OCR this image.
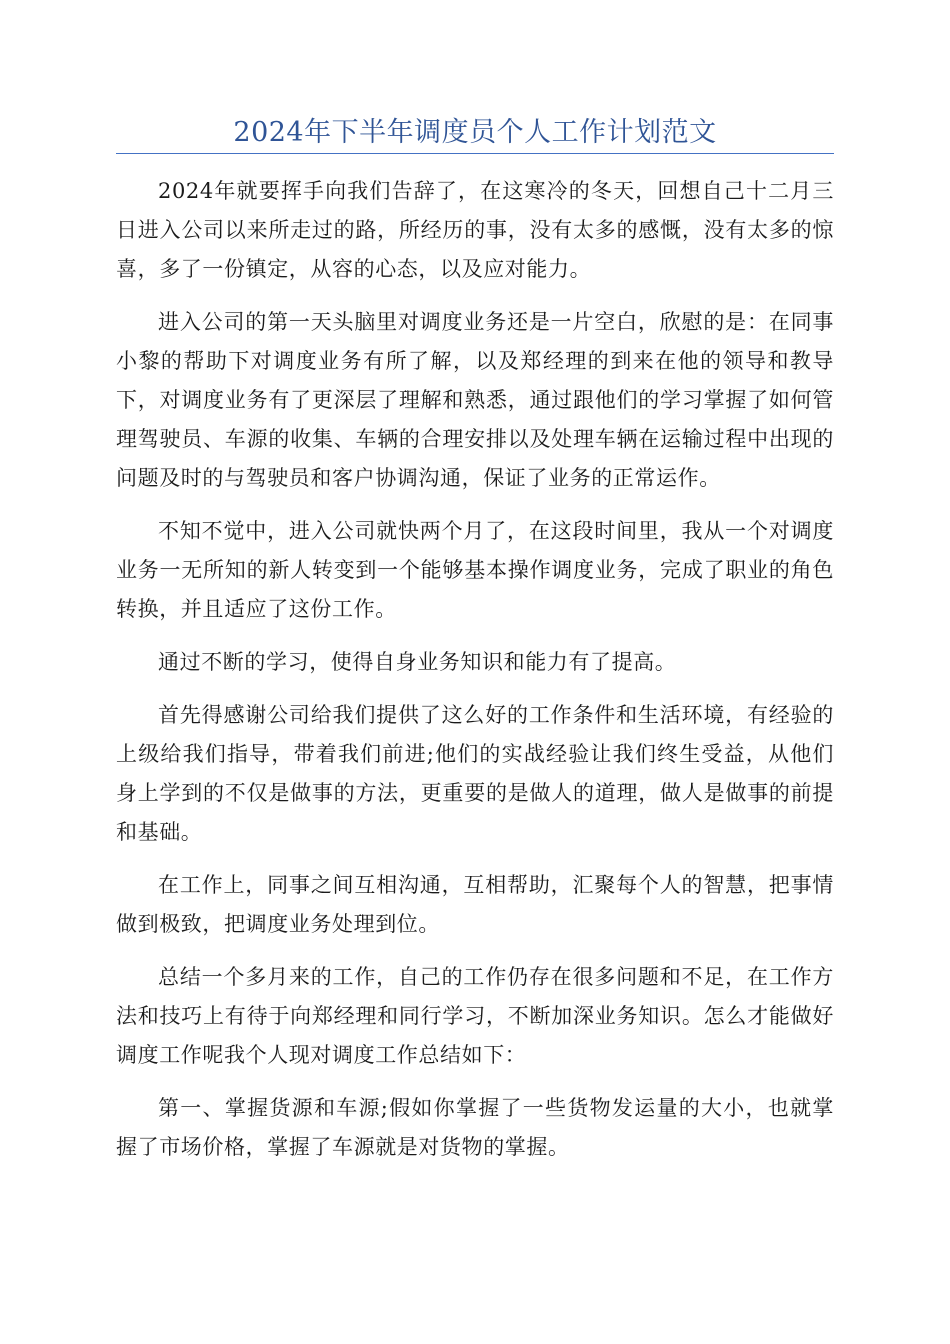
2024年下半年调度员个人工作计划范文

2024年就要挥手向我们告辞了，在这寒冷的冬天，回想自己十二月三日进入公司以来所走过的路，所经历的事，没有太多的感慨，没有太多的惊喜，多了一份镇定，从容的心态，以及应对能力。

进入公司的第一天头脑里对调度业务还是一片空白，欣慰的是：在同事小黎的帮助下对调度业务有所了解，以及郑经理的到来在他的领导和教导下，对调度业务有了更深层了理解和熟悉，通过跟他们的学习掌握了如何管理驾驶员、车源的收集、车辆的合理安排以及处理车辆在运输过程中出现的问题及时的与驾驶员和客户协调沟通，保证了业务的正常运作。

不知不觉中，进入公司就快两个月了，在这段时间里，我从一个对调度业务一无所知的新人转变到一个能够基本操作调度业务，完成了职业的角色转换，并且适应了这份工作。

通过不断的学习，使得自身业务知识和能力有了提高。

首先得感谢公司给我们提供了这么好的工作条件和生活环境，有经验的上级给我们指导，带着我们前进;他们的实战经验让我们终生受益，从他们身上学到的不仅是做事的方法，更重要的是做人的道理，做人是做事的前提和基础。

在工作上，同事之间互相沟通，互相帮助，汇聚每个人的智慧，把事情做到极致，把调度业务处理到位。

总结一个多月来的工作，自己的工作仍存在很多问题和不足，在工作方法和技巧上有待于向郑经理和同行学习，不断加深业务知识。怎么才能做好调度工作呢我个人现对调度工作总结如下：

第一、掌握货源和车源;假如你掌握了一些货物发运量的大小，也就掌握了市场价格，掌握了车源就是对货物的掌握。
